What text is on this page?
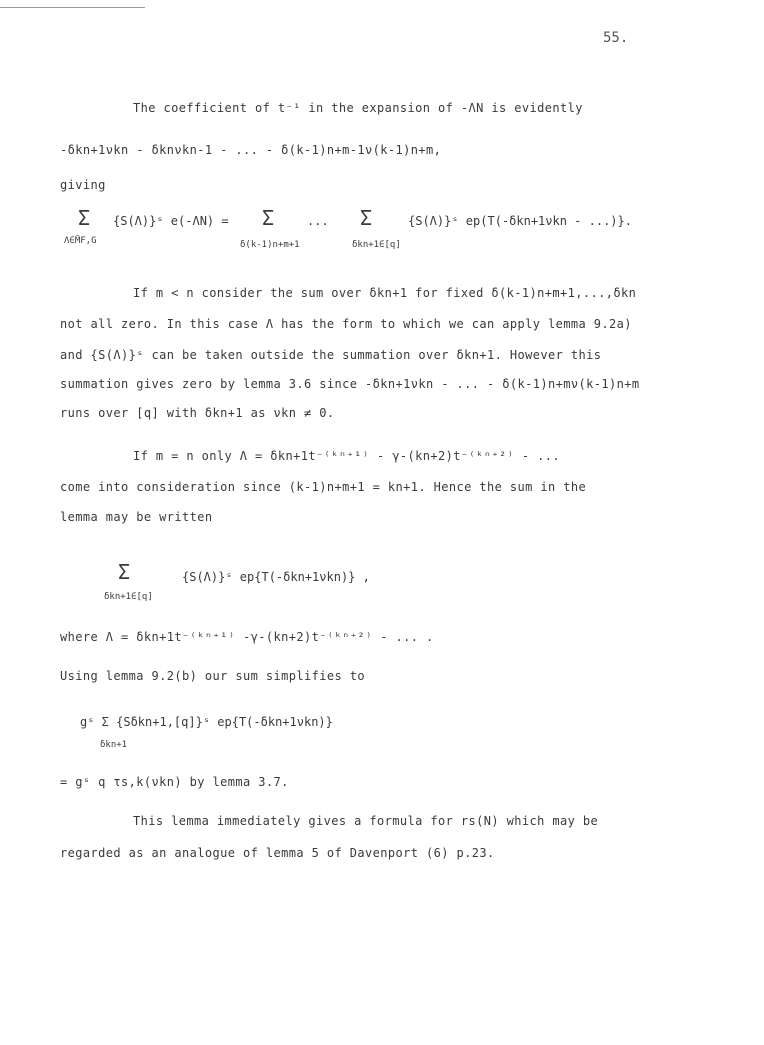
55.
The coefficient of t⁻¹ in the expansion of -ΛN is evidently
-δkn+1νkn - δknνkn-1 - ... - δ(k-1)n+m-1ν(k-1)n+m,
giving
Σ
Λ∈M̄F,G
{S(Λ)}ˢ e(-ΛN) = Σ
δ(k-1)n+m+1
... Σ
δkn+1∈[q]
{S(Λ)}ˢ ep(T(-δkn+1νkn - ...)}.
If m < n consider the sum over δkn+1 for fixed δ(k-1)n+m+1,...,δkn
not all zero. In this case Λ has the form to which we can apply lemma 9.2a)
and {S(Λ)}ˢ can be taken outside the summation over δkn+1. However this
summation gives zero by lemma 3.6 since -δkn+1νkn - ... - δ(k-1)n+mν(k-1)n+m
runs over [q] with δkn+1 as νkn ≠ 0.
If m = n only Λ = δkn+1t⁻⁽ᵏⁿ⁺¹⁾ - γ-(kn+2)t⁻⁽ᵏⁿ⁺²⁾ - ...
come into consideration since (k-1)n+m+1 = kn+1. Hence the sum in the
lemma may be written
Σ
δkn+1∈[q]
{S(Λ)}ˢ ep{T(-δkn+1νkn)} ,
where Λ = δkn+1t⁻⁽ᵏⁿ⁺¹⁾ -γ-(kn+2)t⁻⁽ᵏⁿ⁺²⁾ - ... .
Using lemma 9.2(b) our sum simplifies to
gˢ Σ {Sδkn+1,[q]}ˢ ep{T(-δkn+1νkn)}
δkn+1
= gˢ q τs,k(νkn) by lemma 3.7.
This lemma immediately gives a formula for rs(N) which may be
regarded as an analogue of lemma 5 of Davenport (6) p.23.
